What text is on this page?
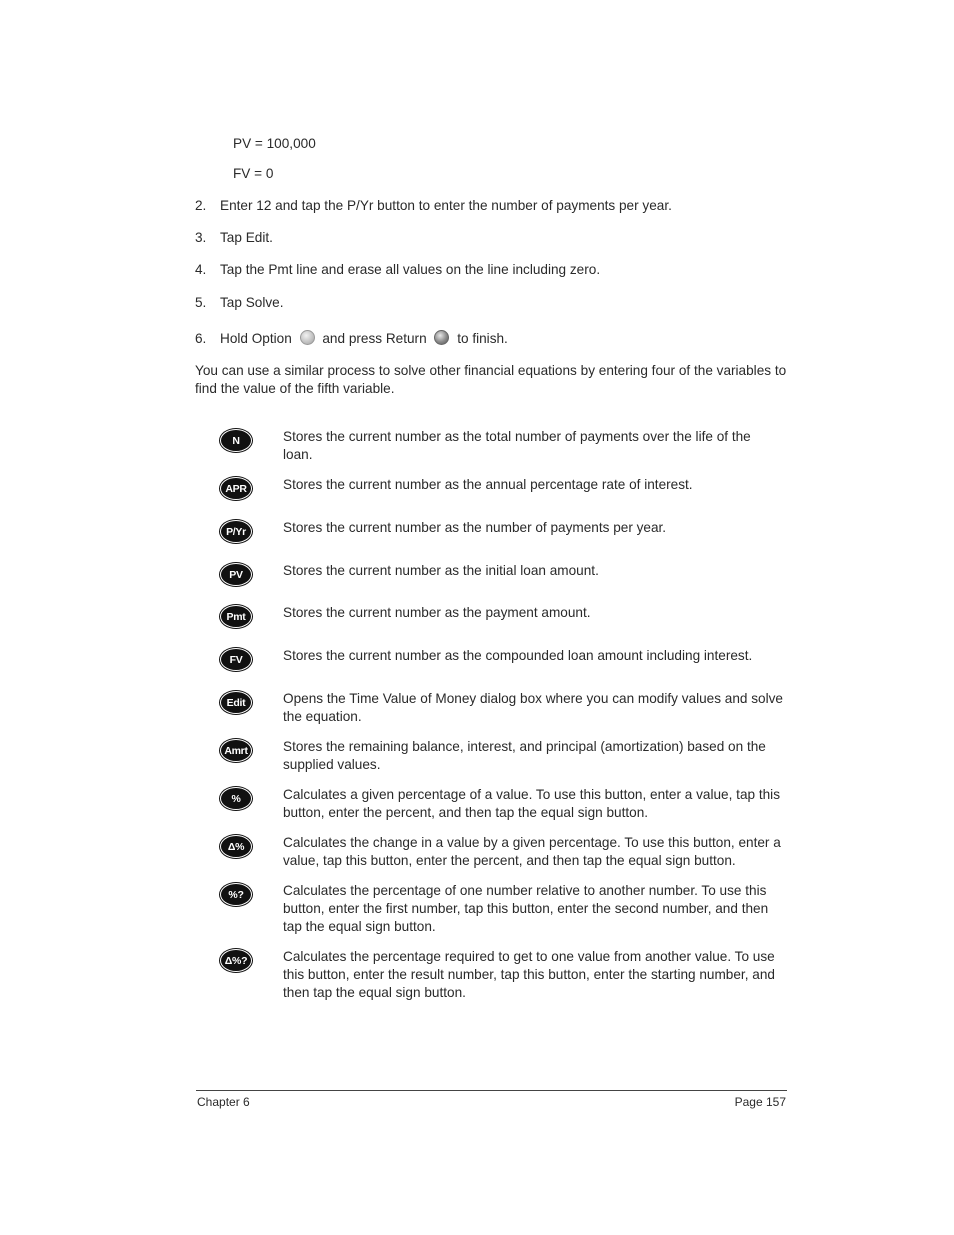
PV = 100,000
FV = 0
2. Enter 12 and tap the P/Yr button to enter the number of payments per year.
3. Tap Edit.
4. Tap the Pmt line and erase all values on the line including zero.
5. Tap Solve.
6. Hold Option and press Return to finish.
You can use a similar process to solve other financial equations by entering four of the variables to find the value of the fifth variable.
N	Stores the current number as the total number of payments over the life of the loan.
APR	Stores the current number as the annual percentage rate of interest.
P/Yr	Stores the current number as the number of payments per year.
PV	Stores the current number as the initial loan amount.
Pmt	Stores the current number as the payment amount.
FV	Stores the current number as the compounded loan amount including interest.
Edit	Opens the Time Value of Money dialog box where you can modify values and solve the equation.
Amrt	Stores the remaining balance, interest, and principal (amortization) based on the supplied values.
%	Calculates a given percentage of a value. To use this button, enter a value, tap this button, enter the percent, and then tap the equal sign button.
Δ%	Calculates the change in a value by a given percentage. To use this button, enter a value, tap this button, enter the percent, and then tap the equal sign button.
%?	Calculates the percentage of one number relative to another number. To use this button, enter the first number, tap this button, enter the second number, and then tap the equal sign button.
Δ%?	Calculates the percentage required to get to one value from another value. To use this button, enter the result number, tap this button, enter the starting number, and then tap the equal sign button.
Chapter 6	Page 157
